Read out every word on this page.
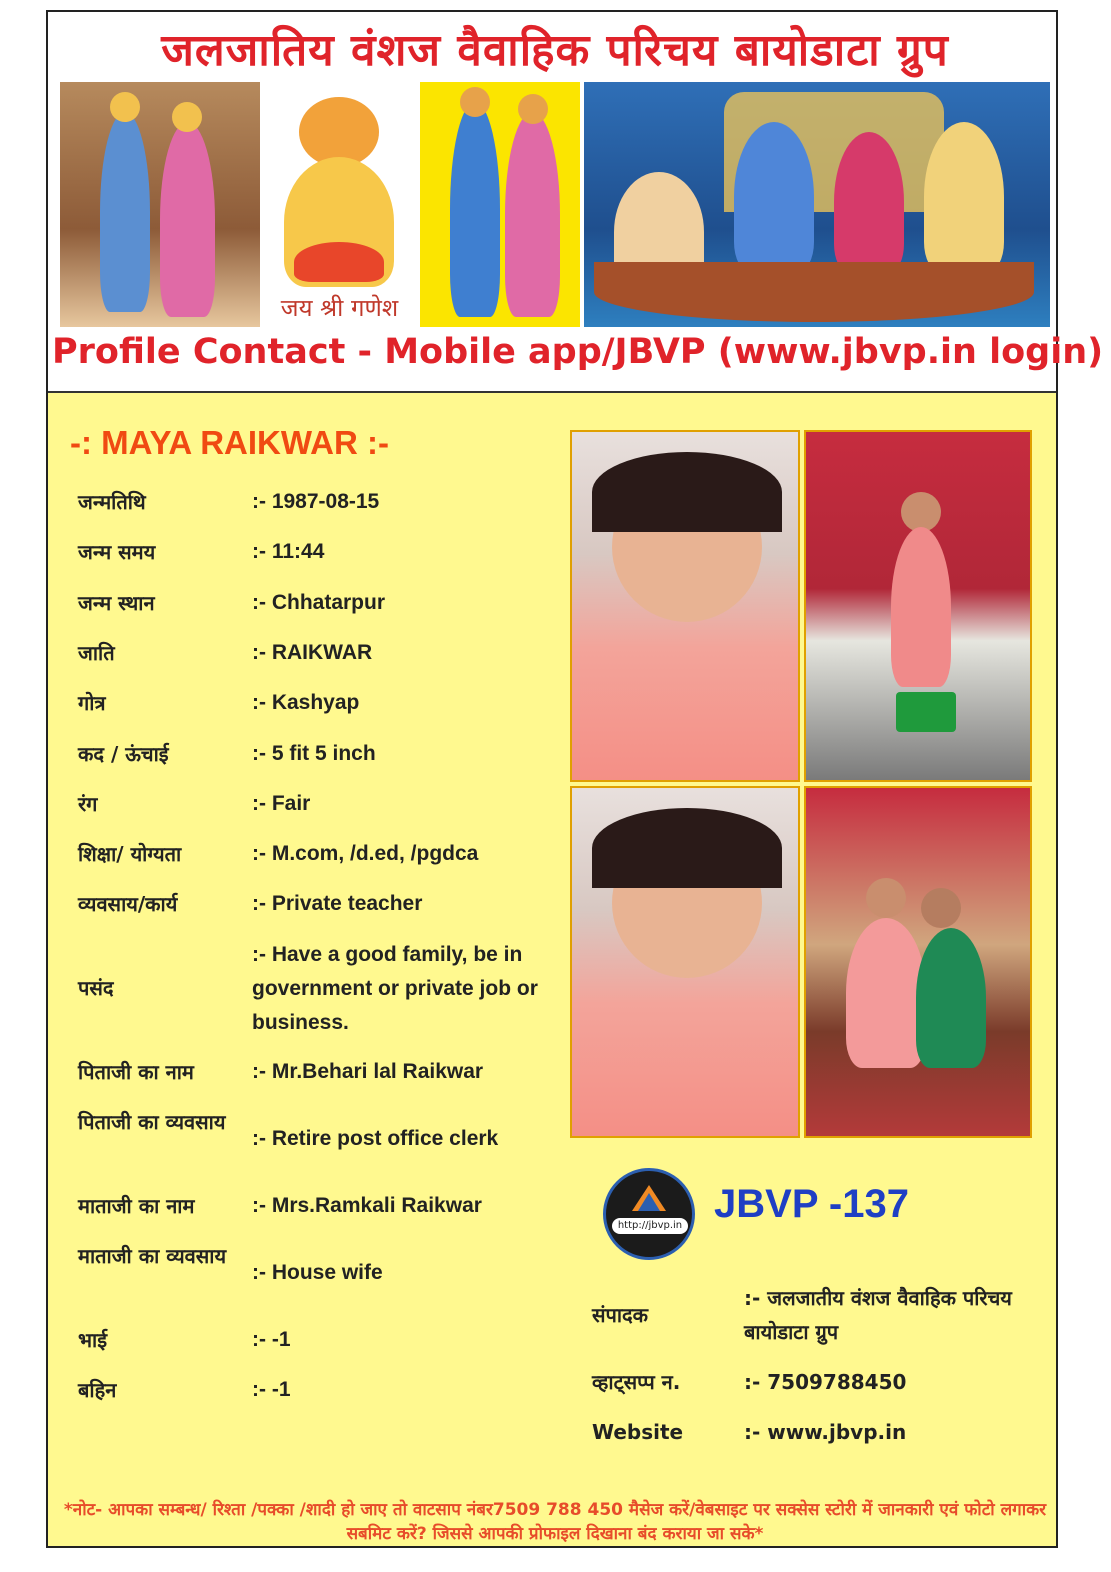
जलजातिय वंशज वैवाहिक परिचय बायोडाटा ग्रुप
जय श्री गणेश
Profile Contact - Mobile app/JBVP (www.jbvp.in login)
-: MAYA RAIKWAR :-
जन्मतिथि	:- 1987-08-15
जन्म समय	:- 11:44
जन्म स्थान	:- Chhatarpur
जाति	:- RAIKWAR
गोत्र	:- Kashyap
कद / ऊंचाई	:- 5 fit 5 inch
रंग	:- Fair
शिक्षा/ योग्यता	:- M.com, /d.ed, /pgdca
व्यवसाय/कार्य	:- Private teacher
पसंद
:- Have a good family, be in government or private job or business.
पिताजी का नाम	:- Mr.Behari lal Raikwar
पिताजी का व्यवसाय
:- Retire post office clerk
माताजी का नाम	:- Mrs.Ramkali Raikwar
माताजी का व्यवसाय
:- House wife
भाई	:- -1
बहिन	:- -1
http://jbvp.in JBVP -137
संपादक
:- जलजातीय वंशज वैवाहिक परिचय बायोडाटा ग्रुप
व्हाट्सप्प न.	:- 7509788450
Website	:- www.jbvp.in
*नोट- आपका सम्बन्ध/ रिश्ता /पक्का /शादी हो जाए तो वाटसाप नंबर7509 788 450 मैसेज करें/वेबसाइट पर सक्सेस स्टोरी में जानकारी एवं फोटो लगाकर सबमिट करें? जिससे आपकी प्रोफाइल दिखाना बंद कराया जा सके*
